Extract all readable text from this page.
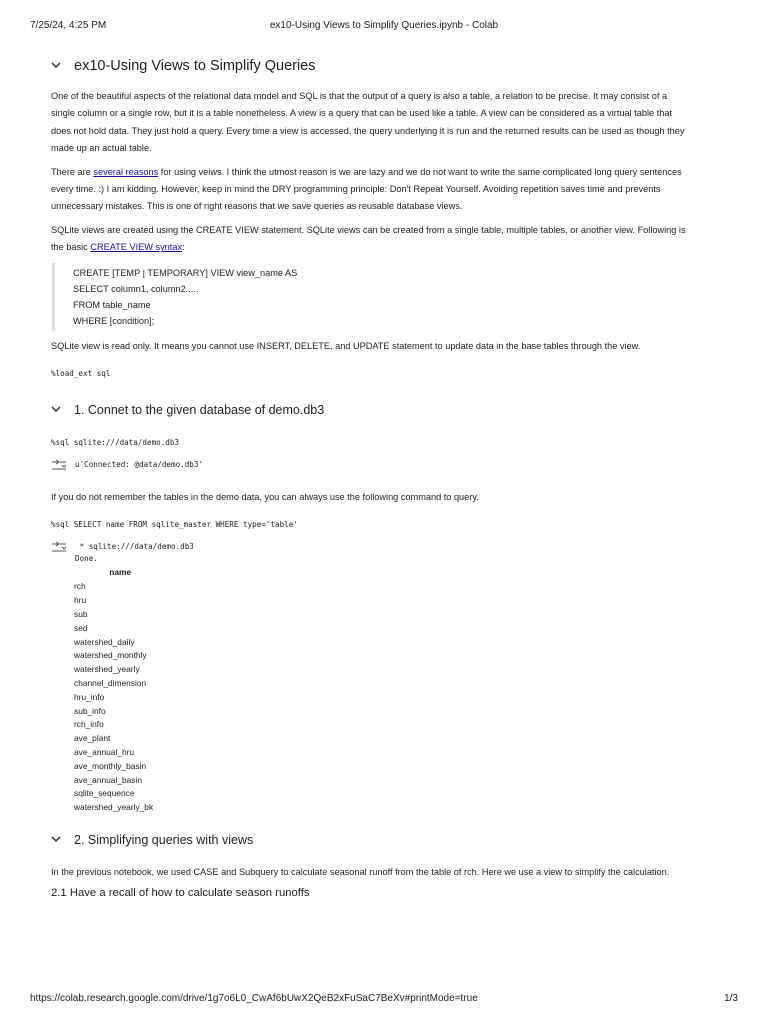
7/25/24, 4:25 PM	ex10-Using Views to Simplify Queries.ipynb - Colab
ex10-Using Views to Simplify Queries

One of the beautiful aspects of the relational data model and SQL is that the output of a query is also a table, a relation to be precise. It may consist of a single column or a single row, but it is a table nonetheless. A view is a query that can be used like a table. A view can be considered as a virtual table that does not hold data. They just hold a query. Every time a view is accessed, the query underlying it is run and the returned results can be used as though they made up an actual table.

There are several reasons for using veiws. I think the utmost reason is we are lazy and we do not want to write the same complicated long query sentences every time. :) I am kidding. However, keep in mind the DRY programming principle: Don't Repeat Yourself. Avoiding repetition saves time and prevents unnecessary mistakes. This is one of right reasons that we save queries as reusable database views.

SQLite views are created using the CREATE VIEW statement. SQLite views can be created from a single table, multiple tables, or another view. Following is the basic CREATE VIEW syntax:

CREATE [TEMP | TEMPORARY] VIEW view_name AS
SELECT column1, column2.....
FROM table_name
WHERE [condition];

SQLite view is read only. It means you cannot use INSERT, DELETE, and UPDATE statement to update data in the base tables through the view.

%load_ext sql
1. Connet to the given database of demo.db3
%sql sqlite:///data/demo.db3
u'Connected: @data/demo.db3'

If you do not remember the tables in the demo data, you can always use the following command to query.

%sql SELECT name FROM sqlite_master WHERE type='table'
* sqlite:///data/demo.db3
Done.
name
rch
hru
sub
sed
watershed_daily
watershed_monthly
watershed_yearly
channel_dimension
hru_info
sub_info
rch_info
ave_plant
ave_annual_hru
ave_monthly_basin
ave_annual_basin
sqlite_sequence
watershed_yearly_bk
2. Simplifying queries with views

In the previous notebook, we used CASE and Subquery to calculate seasonal runoff from the table of rch. Here we use a view to simplify the calculation.

2.1 Have a recall of how to calculate season runoffs
https://colab.research.google.com/drive/1g7o6L0_CwAf6bUwX2QeB2xFuSaC7BeXv#printMode=true	1/3
